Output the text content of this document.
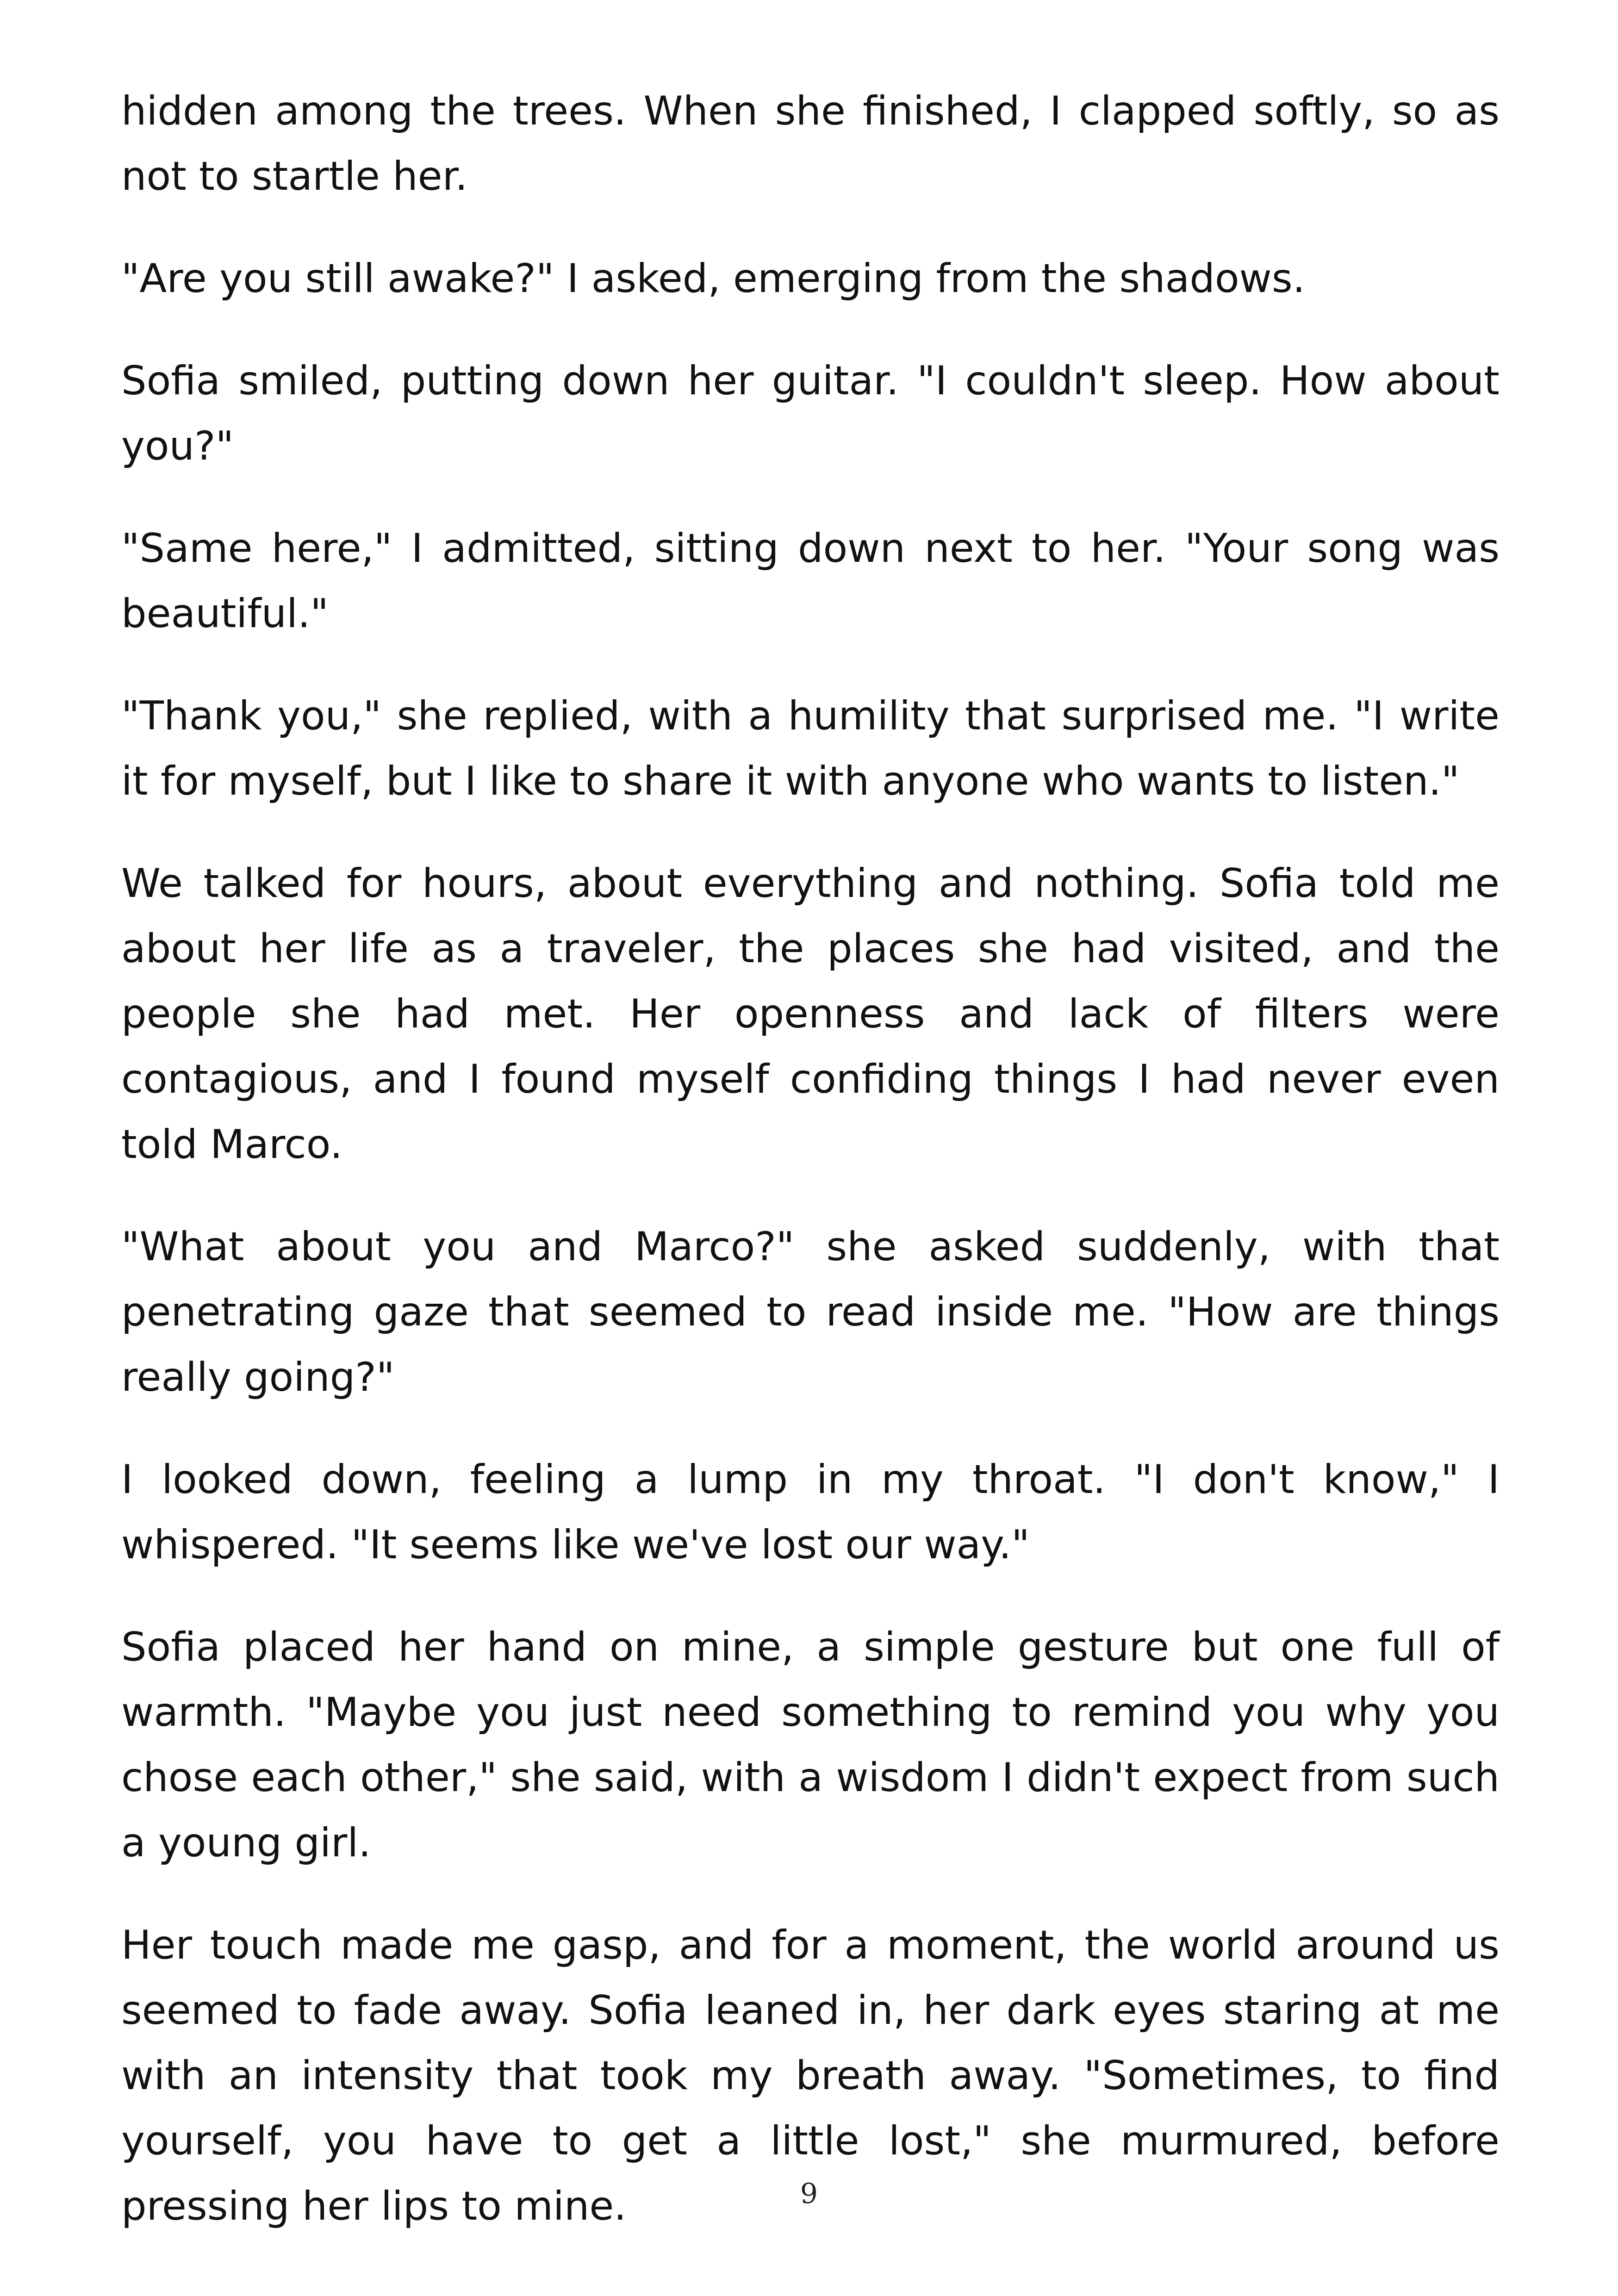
hidden among the trees. When she finished, I clapped softly, so as not to startle her.

"Are you still awake?" I asked, emerging from the shadows.

Sofia smiled, putting down her guitar. "I couldn't sleep. How about you?"

"Same here," I admitted, sitting down next to her. "Your song was beautiful."

"Thank you," she replied, with a humility that surprised me. "I write it for myself, but I like to share it with anyone who wants to listen."

We talked for hours, about everything and nothing. Sofia told me about her life as a traveler, the places she had visited, and the people she had met. Her openness and lack of filters were contagious, and I found myself confiding things I had never even told Marco.

"What about you and Marco?" she asked suddenly, with that penetrating gaze that seemed to read inside me. "How are things really going?"

I looked down, feeling a lump in my throat. "I don't know," I whispered. "It seems like we've lost our way."

Sofia placed her hand on mine, a simple gesture but one full of warmth. "Maybe you just need something to remind you why you chose each other," she said, with a wisdom I didn't expect from such a young girl.

Her touch made me gasp, and for a moment, the world around us seemed to fade away. Sofia leaned in, her dark eyes staring at me with an intensity that took my breath away. "Sometimes, to find yourself, you have to get a little lost," she murmured, before pressing her lips to mine.	9
